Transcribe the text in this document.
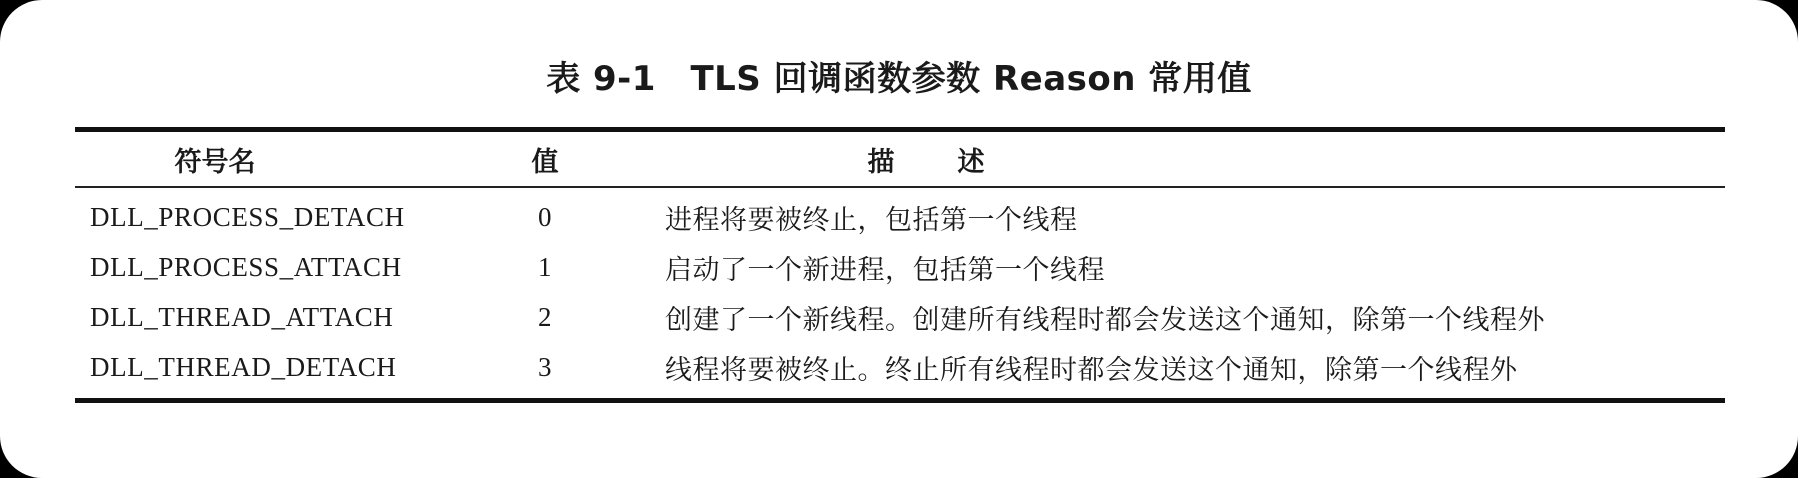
表 9-1　TLS 回调函数参数 Reason 常用值
符号名	值	描　述
DLL_PROCESS_DETACH	0	进程将要被终止，包括第一个线程
DLL_PROCESS_ATTACH	1	启动了一个新进程，包括第一个线程
DLL_THREAD_ATTACH	2	创建了一个新线程。创建所有线程时都会发送这个通知，除第一个线程外
DLL_THREAD_DETACH	3	线程将要被终止。终止所有线程时都会发送这个通知，除第一个线程外
